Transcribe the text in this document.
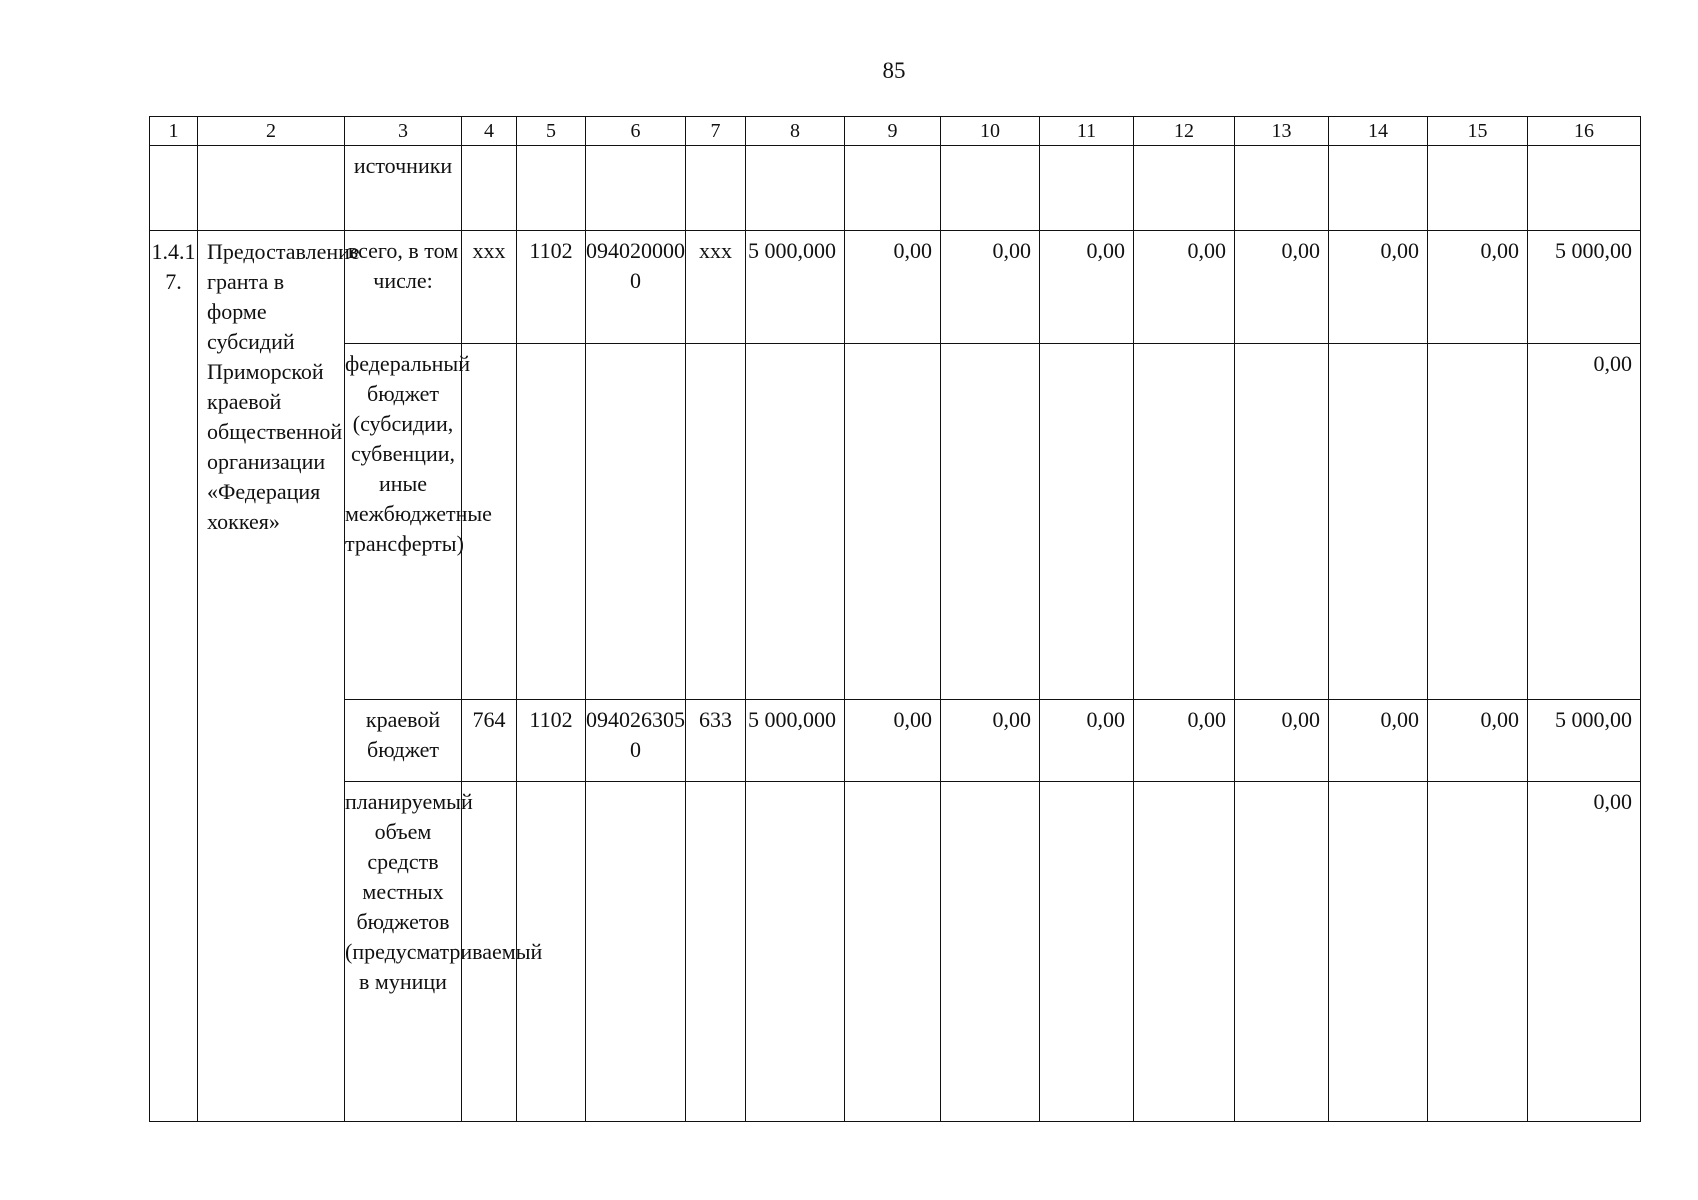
85
1	2	3	4	5	6	7	8	9	10	11	12	13	14	15	16
		источники													
1.4.17.	Предоставление гранта в форме субсидий Приморской краевой общественной организации «Федерация хоккея»	всего, в том числе:	xxx	1102	0940200000	xxx	5 000,000	0,00	0,00	0,00	0,00	0,00	0,00	0,00	5 000,00
		федеральный бюджет (субсидии, субвенции, иные межбюджетные трансферты)													0,00
		краевой бюджет	764	1102	0940263050	633	5 000,000	0,00	0,00	0,00	0,00	0,00	0,00	0,00	5 000,00
		планируемый объем средств местных бюджетов (предусматриваемый в муници													0,00
